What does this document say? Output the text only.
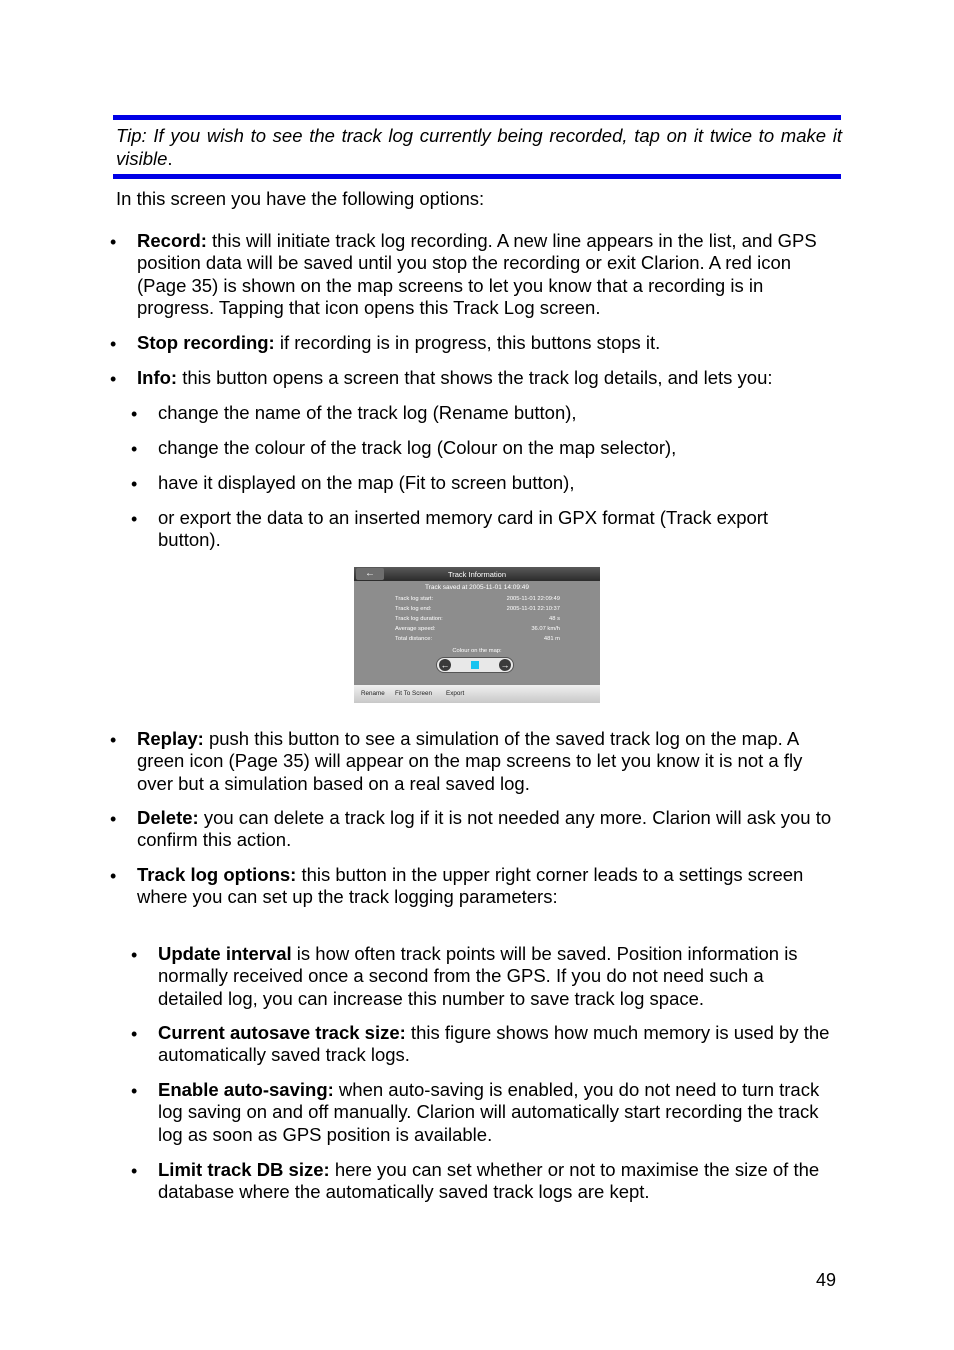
Tip: If you wish to see the track log currently being recorded, tap on it twice to make it visible.
In this screen you have the following options:
• Record: this will initiate track log recording. A new line appears in the list, and GPS position data will be saved until you stop the recording or exit Clarion. A red icon (Page 35) is shown on the map screens to let you know that a recording is in progress. Tapping that icon opens this Track Log screen.
• Stop recording: if recording is in progress, this buttons stops it.
• Info: this button opens a screen that shows the track log details, and lets you:
• change the name of the track log (Rename button),
• change the colour of the track log (Colour on the map selector),
• have it displayed on the map (Fit to screen button),
• or export the data to an inserted memory card in GPX format (Track export button).
←	Track Information
Track saved at 2005-11-01 14:09:49
Track log start:	2005-11-01 22:09:49
Track log end:	2005-11-01 22:10:37
Track log duration:	48 s
Average speed:	36.07 km/h
Total distance:	481 m
Colour on the map:
←	→
Rename Fit To Screen Export
• Replay: push this button to see a simulation of the saved track log on the map. A green icon (Page 35) will appear on the map screens to let you know it is not a fly over but a simulation based on a real saved log.
• Delete: you can delete a track log if it is not needed any more. Clarion will ask you to confirm this action.
• Track log options: this button in the upper right corner leads to a settings screen where you can set up the track logging parameters:
• Update interval is how often track points will be saved. Position information is normally received once a second from the GPS. If you do not need such a detailed log, you can increase this number to save track log space.
• Current autosave track size: this figure shows how much memory is used by the automatically saved track logs.
• Enable auto-saving: when auto-saving is enabled, you do not need to turn track log saving on and off manually. Clarion will automatically start recording the track log as soon as GPS position is available.
• Limit track DB size: here you can set whether or not to maximise the size of the database where the automatically saved track logs are kept.
49
